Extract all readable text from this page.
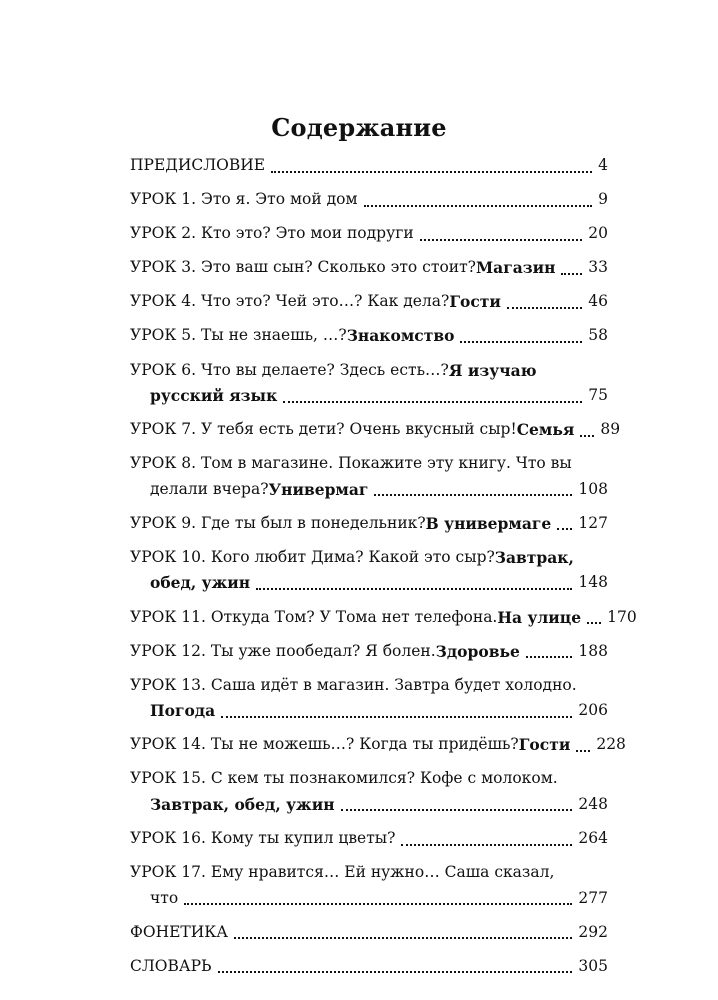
Содержание
ПРЕДИСЛОВИЕ	4
УРОК 1. Это я. Это мой дом	9
УРОК 2. Кто это? Это мои подруги	20
УРОК 3. Это ваш сын? Сколько это стоит? Магазин 33
УРОК 4. Что это? Чей это…? Как дела? Гости	46
УРОК 5. Ты не знаешь, …? Знакомство	58
УРОК 6. Что вы делаете? Здесь есть…? Я изучаю
русский язык	75
УРОК 7. У тебя есть дети? Очень вкусный сыр! Семья 89
УРОК 8. Том в магазине. Покажите эту книгу. Что вы
делали вчера? Универмаг	108
УРОК 9. Где ты был в понедельник? В универмаге 127
УРОК 10. Кого любит Дима? Какой это сыр? Завтрак,
обед, ужин	148
УРОК 11. Откуда Том? У Тома нет телефона. На улице 170
УРОК 12. Ты уже пообедал? Я болен. Здоровье	188
УРОК 13. Саша идёт в магазин. Завтра будет холодно.
Погода	206
УРОК 14. Ты не можешь…? Когда ты придёшь? Гости 228
УРОК 15. С кем ты познакомился? Кофе с молоком.
Завтрак, обед, ужин	248
УРОК 16. Кому ты купил цветы?	264
УРОК 17. Ему нравится… Ей нужно… Саша сказал,
что	277
ФОНЕТИКА	292
СЛОВАРЬ	305
